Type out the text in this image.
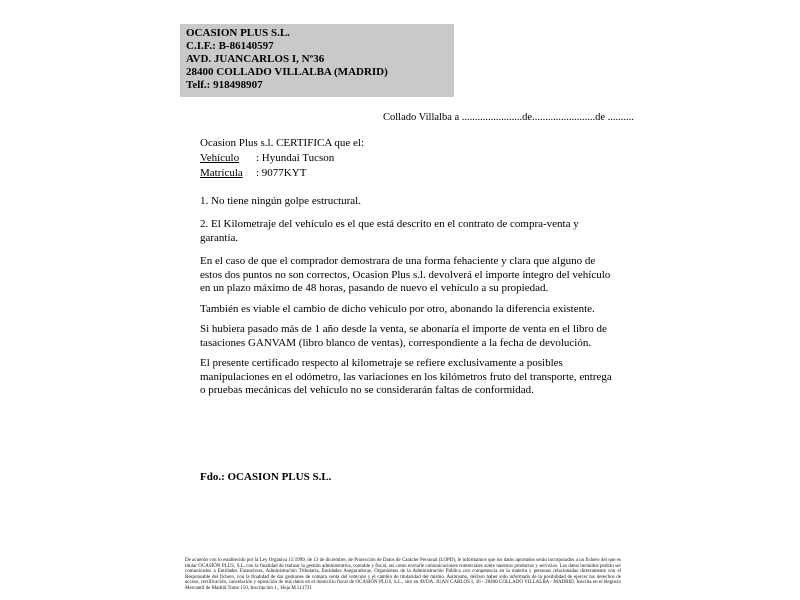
OCASION PLUS S.L.
C.I.F.: B-86140597
AVD. JUANCARLOS I, Nº36
28400 COLLADO VILLALBA (MADRID)
Telf.: 918498907
Collado Villalba a .......................de........................de ..........
Ocasion Plus s.l. CERTIFICA que el:
Vehículo : Hyundai Tucson
Matrícula : 9077KYT
1. No tiene ningún golpe estructural.
2. El Kilometraje del vehículo es el que está descrito en el contrato de compra-venta y garantía.
En el caso de que el comprador demostrara de una forma fehaciente y clara que alguno de estos dos puntos no son correctos, Ocasion Plus s.l. devolverá el importe íntegro del vehículo en un plazo máximo de 48 horas, pasando de nuevo el vehículo a su propiedad.
También es viable el cambio de dicho vehículo por otro, abonando la diferencia existente.
Si hubiera pasado más de 1 año desde la venta, se abonaría el importe de venta en el libro de tasaciones GANVAM (libro blanco de ventas), correspondiente a la fecha de devolución.
El presente certificado respecto al kilometraje se refiere exclusivamente a posibles manipulaciones en el odómetro, las variaciones en los kilómetros fruto del transporte, entrega o pruebas mecánicas del vehículo no se considerarán faltas de conformidad.
Fdo.: OCASION PLUS S.L.
De acuerdo con lo establecido por la Ley Orgánica 15/1999, de 13 de diciembre, de Protección de Datos de Carácter Personal (LOPD), le informamos que los datos aportados serán incorporados a un fichero del que es titular OCASIÓN PLUS, S.L. con la finalidad de realizar la gestión administrativa, contable y fiscal, así como enviarle comunicaciones comerciales sobre nuestros productos y servicios. Los datos incluidos podrán ser comunicados a Entidades Financieras, Administración Tributaria, Entidades Aseguradoras, Organismos de la Administración Pública con competencia en la materia y personas relacionadas directamente con el Responsable del fichero, con la finalidad de dar gestiones de compra venta del vehículo y el cambio de titularidad del mismo. Asimismo, declaro haber sido informado de la posibilidad de ejercer los derechos de acceso, rectificación, cancelación y oposición de mis datos en el domicilio fiscal de OCASIÓN PLUS, S.L., sito en AVDA. JUAN CARLOS I, 36 - 28400 COLLADO VILLALBA - MADRID. Inscrita en el Registro Mercantil de Madrid Tomo 150, Inscripción 1., Hoja M 511731
